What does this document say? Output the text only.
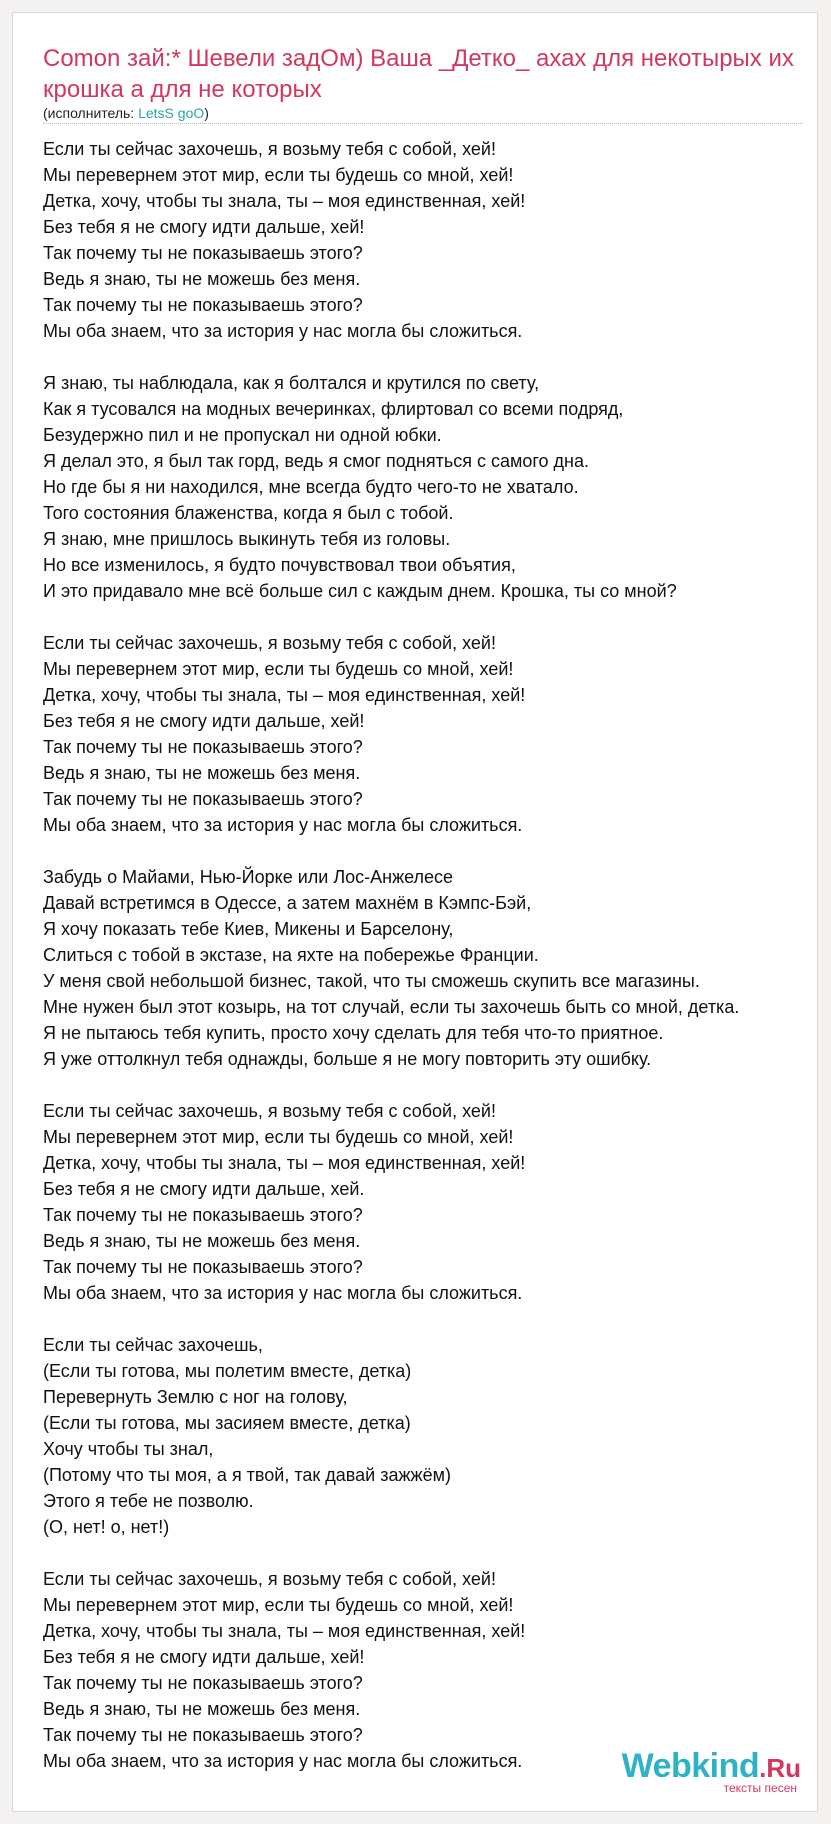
Comon зай:* Шевели задОм) Ваша _Детко_ ахах для некотырых их крошка а для не которых
(исполнитель: LetsS goO)
Если ты сейчас захочешь, я возьму тебя с собой, хей!
Мы перевернем этот мир, если ты будешь со мной, хей!
Детка, хочу, чтобы ты знала, ты – моя единственная, хей!
Без тебя я не смогу идти дальше, хей!
Так почему ты не показываешь этого?
Ведь я знаю, ты не можешь без меня.
Так почему ты не показываешь этого?
Мы оба знаем, что за история у нас могла бы сложиться.
Я знаю, ты наблюдала, как я болтался и крутился по свету,
Как я тусовался на модных вечеринках, флиртовал со всеми подряд,
Безудержно пил и не пропускал ни одной юбки.
Я делал это, я был так горд, ведь я смог подняться с самого дна.
Но где бы я ни находился, мне всегда будто чего-то не хватало.
Того состояния блаженства, когда я был с тобой.
Я знаю, мне пришлось выкинуть тебя из головы.
Но все изменилось, я будто почувствовал твои объятия,
И это придавало мне всё больше сил с каждым днем. Крошка, ты со мной?
Если ты сейчас захочешь, я возьму тебя с собой, хей!
Мы перевернем этот мир, если ты будешь со мной, хей!
Детка, хочу, чтобы ты знала, ты – моя единственная, хей!
Без тебя я не смогу идти дальше, хей!
Так почему ты не показываешь этого?
Ведь я знаю, ты не можешь без меня.
Так почему ты не показываешь этого?
Мы оба знаем, что за история у нас могла бы сложиться.
Забудь о Майами, Нью-Йорке или Лос-Анжелесе
Давай встретимся в Одессе, а затем махнём в Кэмпс-Бэй,
Я хочу показать тебе Киев, Микены и Барселону,
Слиться с тобой в экстазе, на яхте на побережье Франции.
У меня свой небольшой бизнес, такой, что ты сможешь скупить все магазины.
Мне нужен был этот козырь, на тот случай, если ты захочешь быть со мной, детка.
Я не пытаюсь тебя купить, просто хочу сделать для тебя что-то приятное.
Я уже оттолкнул тебя однажды, больше я не могу повторить эту ошибку.
Если ты сейчас захочешь, я возьму тебя с собой, хей!
Мы перевернем этот мир, если ты будешь со мной, хей!
Детка, хочу, чтобы ты знала, ты – моя единственная, хей!
Без тебя я не смогу идти дальше, хей.
Так почему ты не показываешь этого?
Ведь я знаю, ты не можешь без меня.
Так почему ты не показываешь этого?
Мы оба знаем, что за история у нас могла бы сложиться.
Если ты сейчас захочешь,
(Если ты готова, мы полетим вместе, детка)
Перевернуть Землю с ног на голову,
(Если ты готова, мы засияем вместе, детка)
Хочу чтобы ты знал,
(Потому что ты моя, а я твой, так давай зажжём)
Этого я тебе не позволю.
(О, нет! о, нет!)
Если ты сейчас захочешь, я возьму тебя с собой, хей!
Мы перевернем этот мир, если ты будешь со мной, хей!
Детка, хочу, чтобы ты знала, ты – моя единственная, хей!
Без тебя я не смогу идти дальше, хей!
Так почему ты не показываешь этого?
Ведь я знаю, ты не можешь без меня.
Так почему ты не показываешь этого?
Мы оба знаем, что за история у нас могла бы сложиться.	Webkind.Ru
тексты песен
